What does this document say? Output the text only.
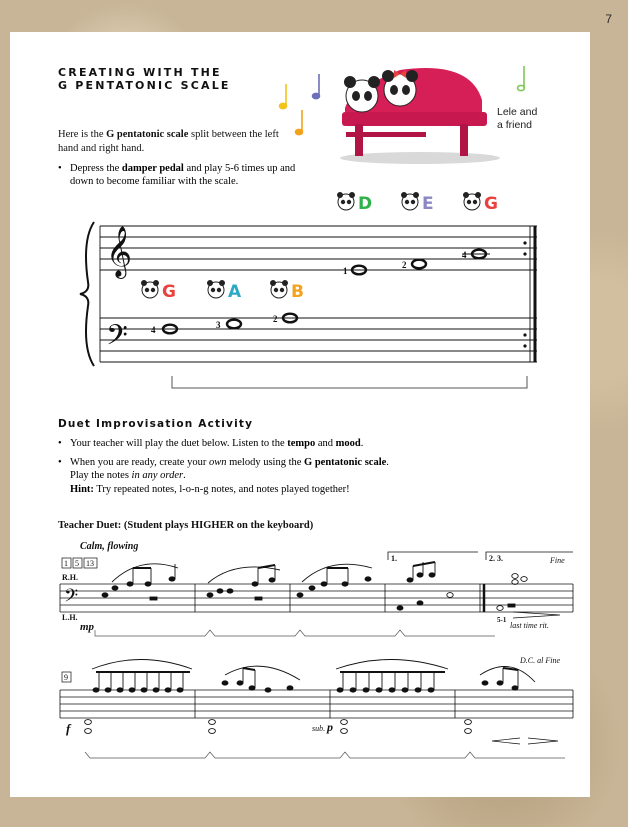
7
CREATING WITH THE
G PENTATONIC SCALE
Here is the G pentatonic scale split between the left hand and right hand.
• Depress the damper pedal and play 5-6 times up and down to become familiar with the scale.
Lele and
a friend
Duet Improvisation Activity
• Your teacher will play the duet below. Listen to the tempo and mood.
• When you are ready, create your own melody using the G pentatonic scale.
Play the notes in any order.
Hint: Try repeated notes, l-o-n-g notes, and notes played together!
Teacher Duet: (Student plays HIGHER on the keyboard)
Calm, flowing
𝄞
𝄢
1
2
4
4	3
2
D	E	G
G	A	B
𝄢
1 5 13
R.H.
L.H.
mp
1.	2. 3.	Fine
5-1
last time rit.
9
D.C. al Fine
f	sub. p
